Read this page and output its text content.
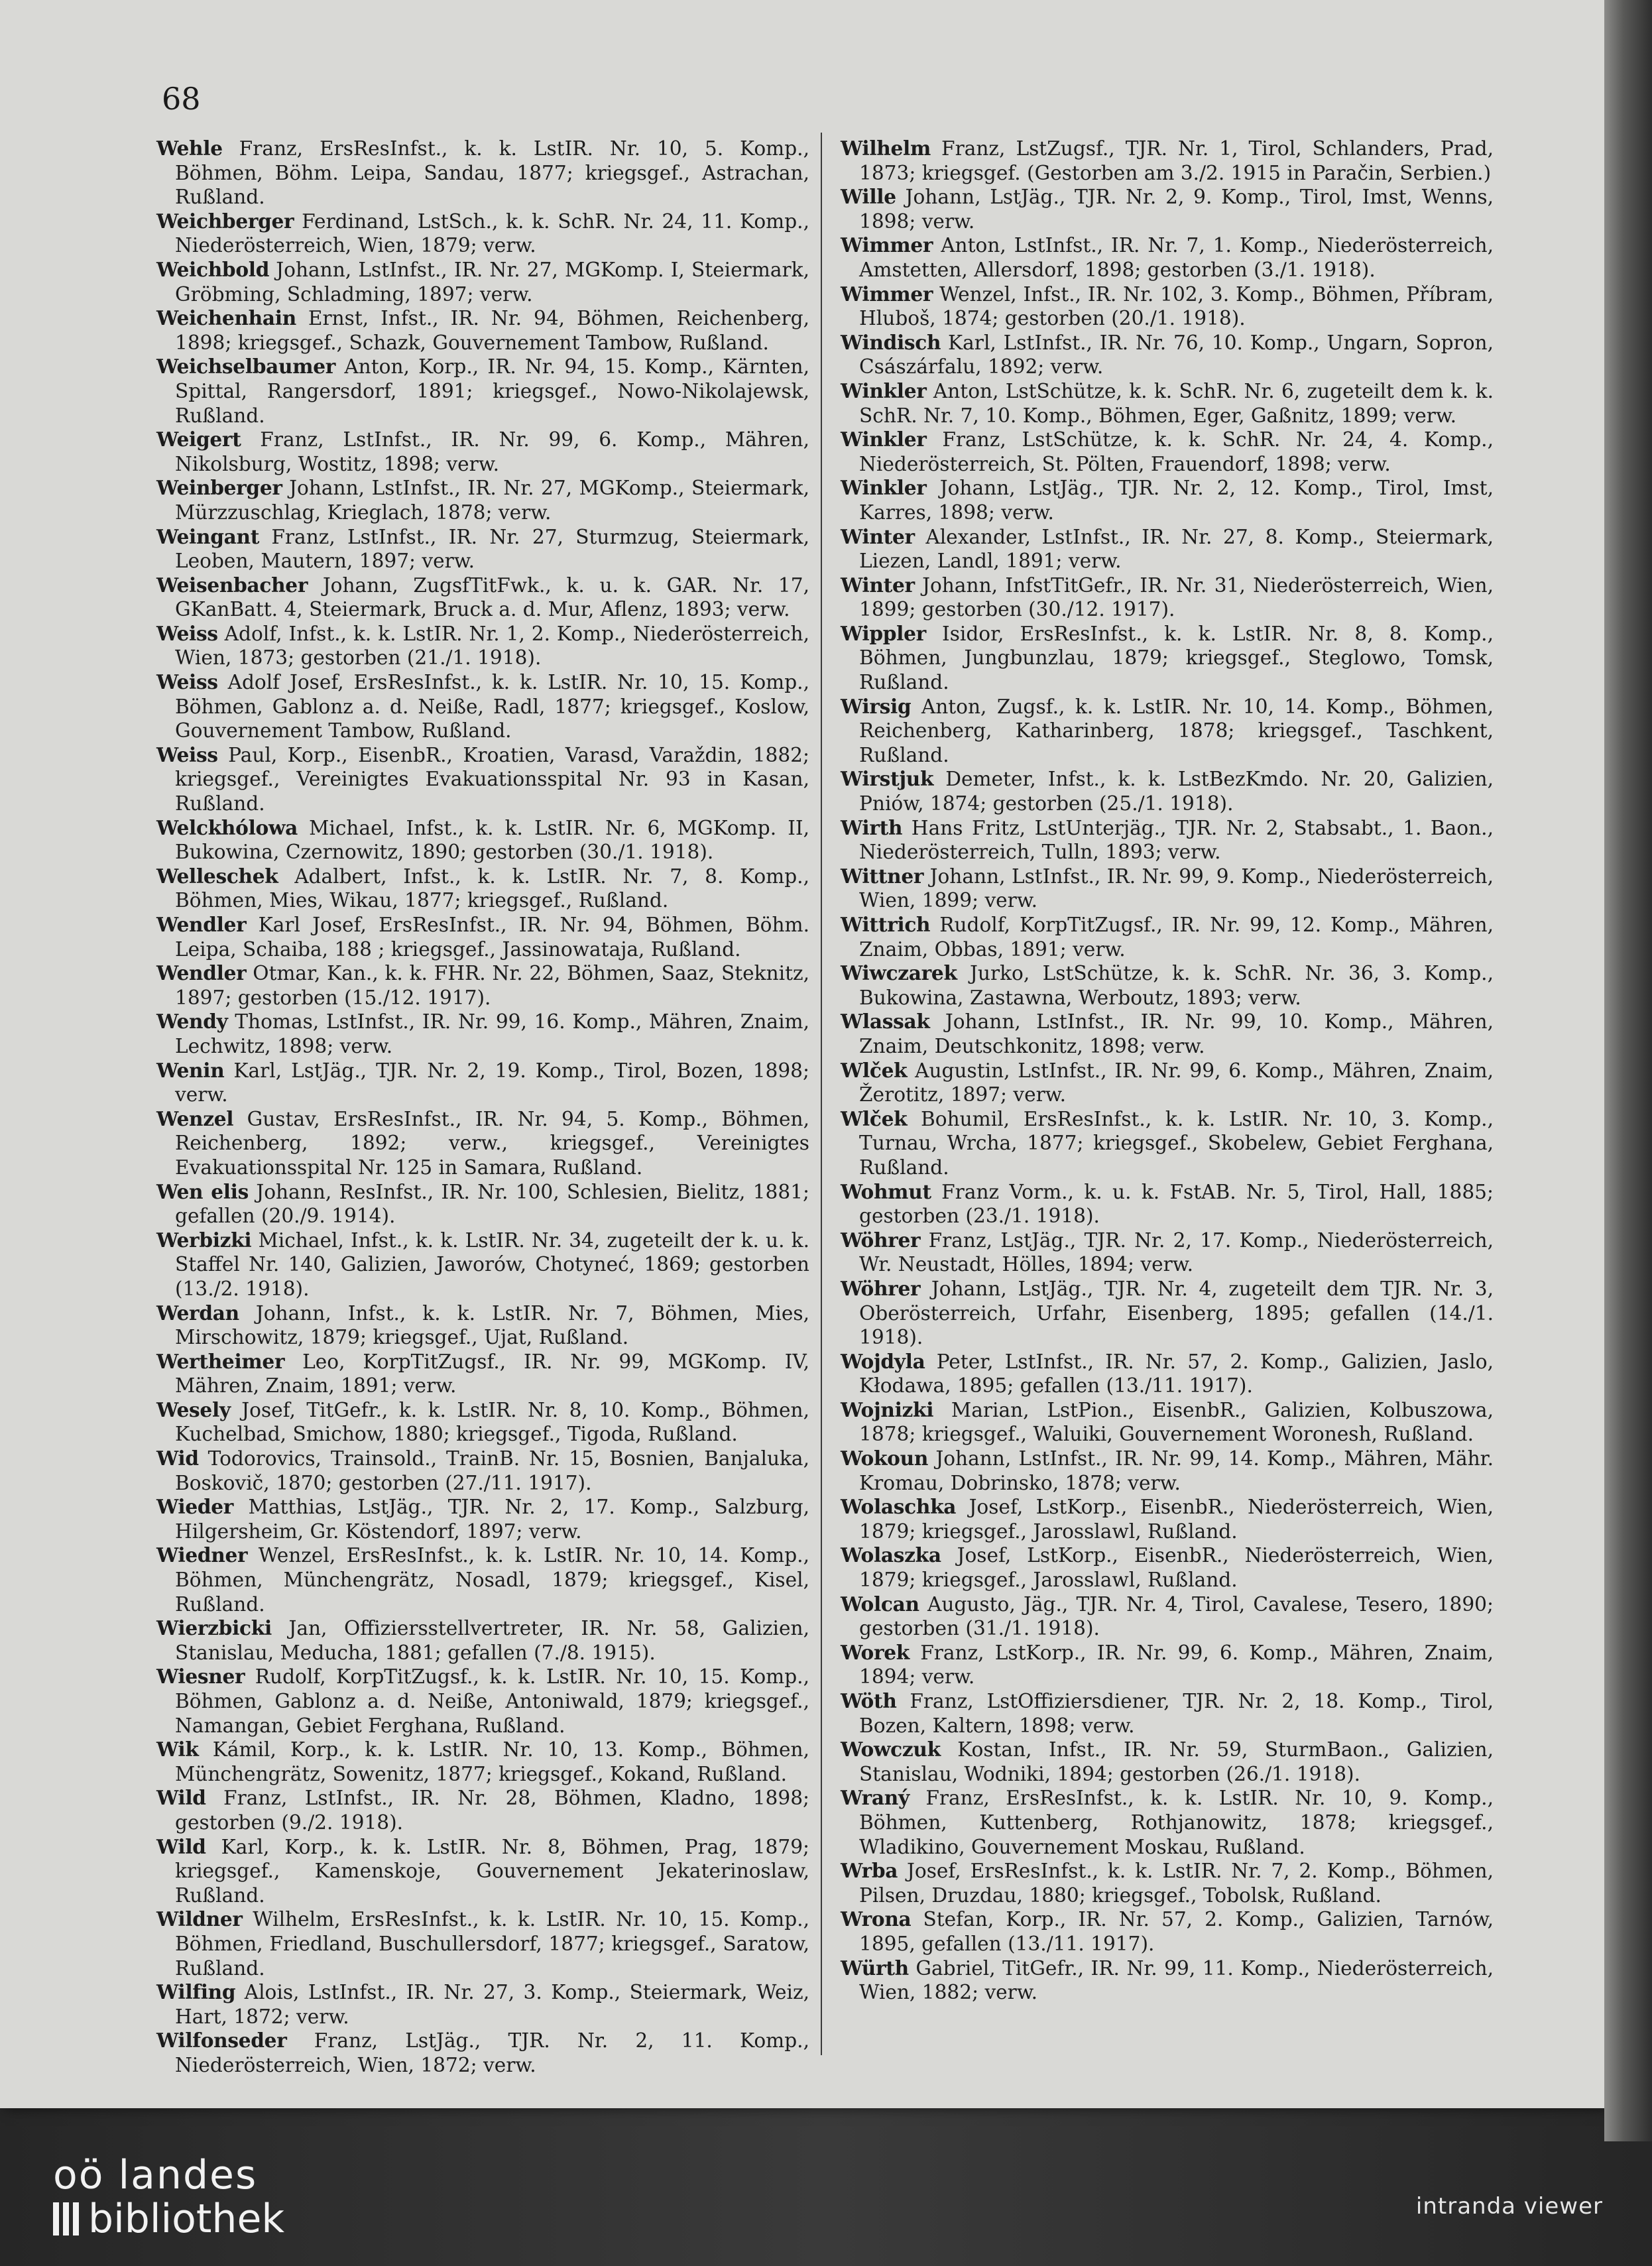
68

Wehle Franz, ErsResInfst., k. k. LstIR. Nr. 10, 5. Komp., Böhmen, Böhm. Leipa, Sandau, 1877; kriegsgef., Astrachan, Rußland.

Weichberger Ferdinand, LstSch., k. k. SchR. Nr. 24, 11. Komp., Niederösterreich, Wien, 1879; verw.

Weichbold Johann, LstInfst., IR. Nr. 27, MGKomp. I, Steiermark, Gröbming, Schladming, 1897; verw.

Weichenhain Ernst, Infst., IR. Nr. 94, Böhmen, Reichenberg, 1898; kriegsgef., Schazk, Gouvernement Tambow, Rußland.

Weichselbaumer Anton, Korp., IR. Nr. 94, 15. Komp., Kärnten, Spittal, Rangersdorf, 1891; kriegsgef., Nowo-Nikolajewsk, Rußland.

Weigert Franz, LstInfst., IR. Nr. 99, 6. Komp., Mähren, Nikolsburg, Wostitz, 1898; verw.

Weinberger Johann, LstInfst., IR. Nr. 27, MGKomp., Steiermark, Mürzzuschlag, Krieglach, 1878; verw.

Weingant Franz, LstInfst., IR. Nr. 27, Sturmzug, Steiermark, Leoben, Mautern, 1897; verw.

Weisenbacher Johann, ZugsfTitFwk., k. u. k. GAR. Nr. 17, GKanBatt. 4, Steiermark, Bruck a. d. Mur, Aflenz, 1893; verw.

Weiss Adolf, Infst., k. k. LstIR. Nr. 1, 2. Komp., Niederösterreich, Wien, 1873; gestorben (21./1. 1918).

Weiss Adolf Josef, ErsResInfst., k. k. LstIR. Nr. 10, 15. Komp., Böhmen, Gablonz a. d. Neiße, Radl, 1877; kriegsgef., Koslow, Gouvernement Tambow, Rußland.

Weiss Paul, Korp., EisenbR., Kroatien, Varasd, Varaždin, 1882; kriegsgef., Vereinigtes Evakuationsspital Nr. 93 in Kasan, Rußland.

Welckhólowa Michael, Infst., k. k. LstIR. Nr. 6, MGKomp. II, Bukowina, Czernowitz, 1890; gestorben (30./1. 1918).

Welleschek Adalbert, Infst., k. k. LstIR. Nr. 7, 8. Komp., Böhmen, Mies, Wikau, 1877; kriegsgef., Rußland.

Wendler Karl Josef, ErsResInfst., IR. Nr. 94, Böhmen, Böhm. Leipa, Schaiba, 188 ; kriegsgef., Jassinowataja, Rußland.

Wendler Otmar, Kan., k. k. FHR. Nr. 22, Böhmen, Saaz, Steknitz, 1897; gestorben (15./12. 1917).

Wendy Thomas, LstInfst., IR. Nr. 99, 16. Komp., Mähren, Znaim, Lechwitz, 1898; verw.

Wenin Karl, LstJäg., TJR. Nr. 2, 19. Komp., Tirol, Bozen, 1898; verw.

Wenzel Gustav, ErsResInfst., IR. Nr. 94, 5. Komp., Böhmen, Reichenberg, 1892; verw., kriegsgef., Vereinigtes Evakuationsspital Nr. 125 in Samara, Rußland.

Wen elis Johann, ResInfst., IR. Nr. 100, Schlesien, Bielitz, 1881; gefallen (20./9. 1914).

Werbizki Michael, Infst., k. k. LstIR. Nr. 34, zugeteilt der k. u. k. Staffel Nr. 140, Galizien, Jaworów, Chotyneć, 1869; gestorben (13./2. 1918).

Werdan Johann, Infst., k. k. LstIR. Nr. 7, Böhmen, Mies, Mirschowitz, 1879; kriegsgef., Ujat, Rußland.

Wertheimer Leo, KorpTitZugsf., IR. Nr. 99, MGKomp. IV, Mähren, Znaim, 1891; verw.

Wesely Josef, TitGefr., k. k. LstIR. Nr. 8, 10. Komp., Böhmen, Kuchelbad, Smichow, 1880; kriegsgef., Tigoda, Rußland.

Wid Todorovics, Trainsold., TrainB. Nr. 15, Bosnien, Banjaluka, Boskovič, 1870; gestorben (27./11. 1917).

Wieder Matthias, LstJäg., TJR. Nr. 2, 17. Komp., Salzburg, Hilgersheim, Gr. Köstendorf, 1897; verw.

Wiedner Wenzel, ErsResInfst., k. k. LstIR. Nr. 10, 14. Komp., Böhmen, Münchengrätz, Nosadl, 1879; kriegsgef., Kisel, Rußland.

Wierzbicki Jan, Offiziersstellvertreter, IR. Nr. 58, Galizien, Stanislau, Meducha, 1881; gefallen (7./8. 1915).

Wiesner Rudolf, KorpTitZugsf., k. k. LstIR. Nr. 10, 15. Komp., Böhmen, Gablonz a. d. Neiße, Antoniwald, 1879; kriegsgef., Namangan, Gebiet Ferghana, Rußland.

Wik Kámil, Korp., k. k. LstIR. Nr. 10, 13. Komp., Böhmen, Münchengrätz, Sowenitz, 1877; kriegsgef., Kokand, Rußland.

Wild Franz, LstInfst., IR. Nr. 28, Böhmen, Kladno, 1898; gestorben (9./2. 1918).

Wild Karl, Korp., k. k. LstIR. Nr. 8, Böhmen, Prag, 1879; kriegsgef., Kamenskoje, Gouvernement Jekaterinoslaw, Rußland.

Wildner Wilhelm, ErsResInfst., k. k. LstIR. Nr. 10, 15. Komp., Böhmen, Friedland, Buschullersdorf, 1877; kriegsgef., Saratow, Rußland.

Wilfing Alois, LstInfst., IR. Nr. 27, 3. Komp., Steiermark, Weiz, Hart, 1872; verw.

Wilfonseder Franz, LstJäg., TJR. Nr. 2, 11. Komp., Niederösterreich, Wien, 1872; verw.

Wilhelm Franz, LstZugsf., TJR. Nr. 1, Tirol, Schlanders, Prad, 1873; kriegsgef. (Gestorben am 3./2. 1915 in Paračin, Serbien.)

Wille Johann, LstJäg., TJR. Nr. 2, 9. Komp., Tirol, Imst, Wenns, 1898; verw.

Wimmer Anton, LstInfst., IR. Nr. 7, 1. Komp., Niederösterreich, Amstetten, Allersdorf, 1898; gestorben (3./1. 1918).

Wimmer Wenzel, Infst., IR. Nr. 102, 3. Komp., Böhmen, Příbram, Hluboš, 1874; gestorben (20./1. 1918).

Windisch Karl, LstInfst., IR. Nr. 76, 10. Komp., Ungarn, Sopron, Császárfalu, 1892; verw.

Winkler Anton, LstSchütze, k. k. SchR. Nr. 6, zugeteilt dem k. k. SchR. Nr. 7, 10. Komp., Böhmen, Eger, Gaßnitz, 1899; verw.

Winkler Franz, LstSchütze, k. k. SchR. Nr. 24, 4. Komp., Niederösterreich, St. Pölten, Frauendorf, 1898; verw.

Winkler Johann, LstJäg., TJR. Nr. 2, 12. Komp., Tirol, Imst, Karres, 1898; verw.

Winter Alexander, LstInfst., IR. Nr. 27, 8. Komp., Steiermark, Liezen, Landl, 1891; verw.

Winter Johann, InfstTitGefr., IR. Nr. 31, Niederösterreich, Wien, 1899; gestorben (30./12. 1917).

Wippler Isidor, ErsResInfst., k. k. LstIR. Nr. 8, 8. Komp., Böhmen, Jungbunzlau, 1879; kriegsgef., Steglowo, Tomsk, Rußland.

Wirsig Anton, Zugsf., k. k. LstIR. Nr. 10, 14. Komp., Böhmen, Reichenberg, Katharinberg, 1878; kriegsgef., Taschkent, Rußland.

Wirstjuk Demeter, Infst., k. k. LstBezKmdo. Nr. 20, Galizien, Pniów, 1874; gestorben (25./1. 1918).

Wirth Hans Fritz, LstUnterjäg., TJR. Nr. 2, Stabsabt., 1. Baon., Niederösterreich, Tulln, 1893; verw.

Wittner Johann, LstInfst., IR. Nr. 99, 9. Komp., Niederösterreich, Wien, 1899; verw.

Wittrich Rudolf, KorpTitZugsf., IR. Nr. 99, 12. Komp., Mähren, Znaim, Obbas, 1891; verw.

Wiwczarek Jurko, LstSchütze, k. k. SchR. Nr. 36, 3. Komp., Bukowina, Zastawna, Werboutz, 1893; verw.

Wlassak Johann, LstInfst., IR. Nr. 99, 10. Komp., Mähren, Znaim, Deutschkonitz, 1898; verw.

Wlček Augustin, LstInfst., IR. Nr. 99, 6. Komp., Mähren, Znaim, Žerotitz, 1897; verw.

Wlček Bohumil, ErsResInfst., k. k. LstIR. Nr. 10, 3. Komp., Turnau, Wrcha, 1877; kriegsgef., Skobelew, Gebiet Ferghana, Rußland.

Wohmut Franz Vorm., k. u. k. FstAB. Nr. 5, Tirol, Hall, 1885; gestorben (23./1. 1918).

Wöhrer Franz, LstJäg., TJR. Nr. 2, 17. Komp., Niederösterreich, Wr. Neustadt, Hölles, 1894; verw.

Wöhrer Johann, LstJäg., TJR. Nr. 4, zugeteilt dem TJR. Nr. 3, Oberösterreich, Urfahr, Eisenberg, 1895; gefallen (14./1. 1918).

Wojdyla Peter, LstInfst., IR. Nr. 57, 2. Komp., Galizien, Jaslo, Kłodawa, 1895; gefallen (13./11. 1917).

Wojnizki Marian, LstPion., EisenbR., Galizien, Kolbuszowa, 1878; kriegsgef., Waluiki, Gouvernement Woronesh, Rußland.

Wokoun Johann, LstInfst., IR. Nr. 99, 14. Komp., Mähren, Mähr. Kromau, Dobrinsko, 1878; verw.

Wolaschka Josef, LstKorp., EisenbR., Niederösterreich, Wien, 1879; kriegsgef., Jarosslawl, Rußland.

Wolaszka Josef, LstKorp., EisenbR., Niederösterreich, Wien, 1879; kriegsgef., Jarosslawl, Rußland.

Wolcan Augusto, Jäg., TJR. Nr. 4, Tirol, Cavalese, Tesero, 1890; gestorben (31./1. 1918).

Worek Franz, LstKorp., IR. Nr. 99, 6. Komp., Mähren, Znaim, 1894; verw.

Wöth Franz, LstOffiziersdiener, TJR. Nr. 2, 18. Komp., Tirol, Bozen, Kaltern, 1898; verw.

Wowczuk Kostan, Infst., IR. Nr. 59, SturmBaon., Galizien, Stanislau, Wodniki, 1894; gestorben (26./1. 1918).

Wraný Franz, ErsResInfst., k. k. LstIR. Nr. 10, 9. Komp., Böhmen, Kuttenberg, Rothjanowitz, 1878; kriegsgef., Wladikino, Gouvernement Moskau, Rußland.

Wrba Josef, ErsResInfst., k. k. LstIR. Nr. 7, 2. Komp., Böhmen, Pilsen, Druzdau, 1880; kriegsgef., Tobolsk, Rußland.

Wrona Stefan, Korp., IR. Nr. 57, 2. Komp., Galizien, Tarnów, 1895, gefallen (13./11. 1917).

Würth Gabriel, TitGefr., IR. Nr. 99, 11. Komp., Niederösterreich, Wien, 1882; verw.

oö landes
bibliothek	intranda viewer
